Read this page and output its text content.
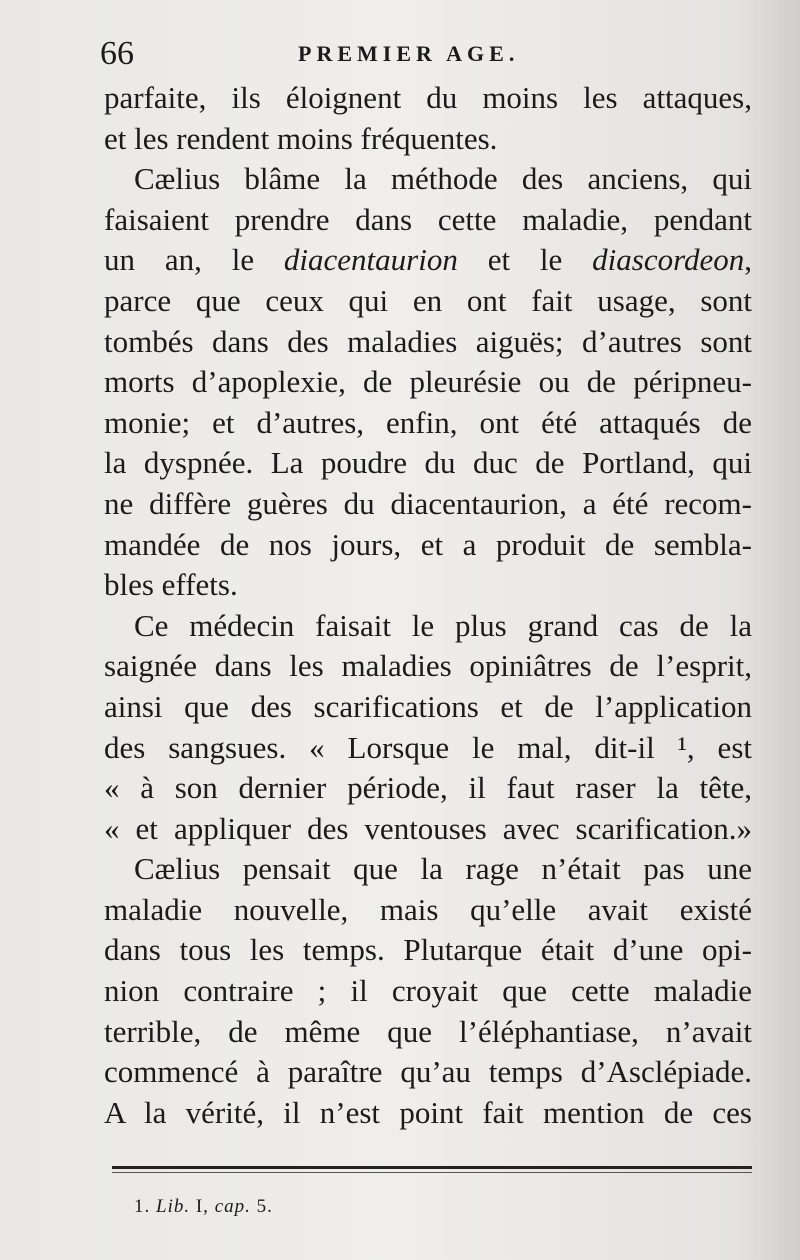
66	PREMIER AGE.
parfaite, ils éloignent du moins les attaques,
et les rendent moins fréquentes.
Cælius blâme la méthode des anciens, qui
faisaient prendre dans cette maladie, pendant
un an, le diacentaurion et le diascordeon,
parce que ceux qui en ont fait usage, sont
tombés dans des maladies aiguës; d’autres sont
morts d’apoplexie, de pleurésie ou de péripneu-
monie; et d’autres, enfin, ont été attaqués de
la dyspnée. La poudre du duc de Portland, qui
ne diffère guères du diacentaurion, a été recom-
mandée de nos jours, et a produit de sembla-
bles effets.
Ce médecin faisait le plus grand cas de la
saignée dans les maladies opiniâtres de l’esprit,
ainsi que des scarifications et de l’application
des sangsues. « Lorsque le mal, dit-il ¹, est
« à son dernier période, il faut raser la tête,
« et appliquer des ventouses avec scarification.»
Cælius pensait que la rage n’était pas une
maladie nouvelle, mais qu’elle avait existé
dans tous les temps. Plutarque était d’une opi-
nion contraire ; il croyait que cette maladie
terrible, de même que l’éléphantiase, n’avait
commencé à paraître qu’au temps d’Asclépiade.
A la vérité, il n’est point fait mention de ces
1. Lib. I, cap. 5.
